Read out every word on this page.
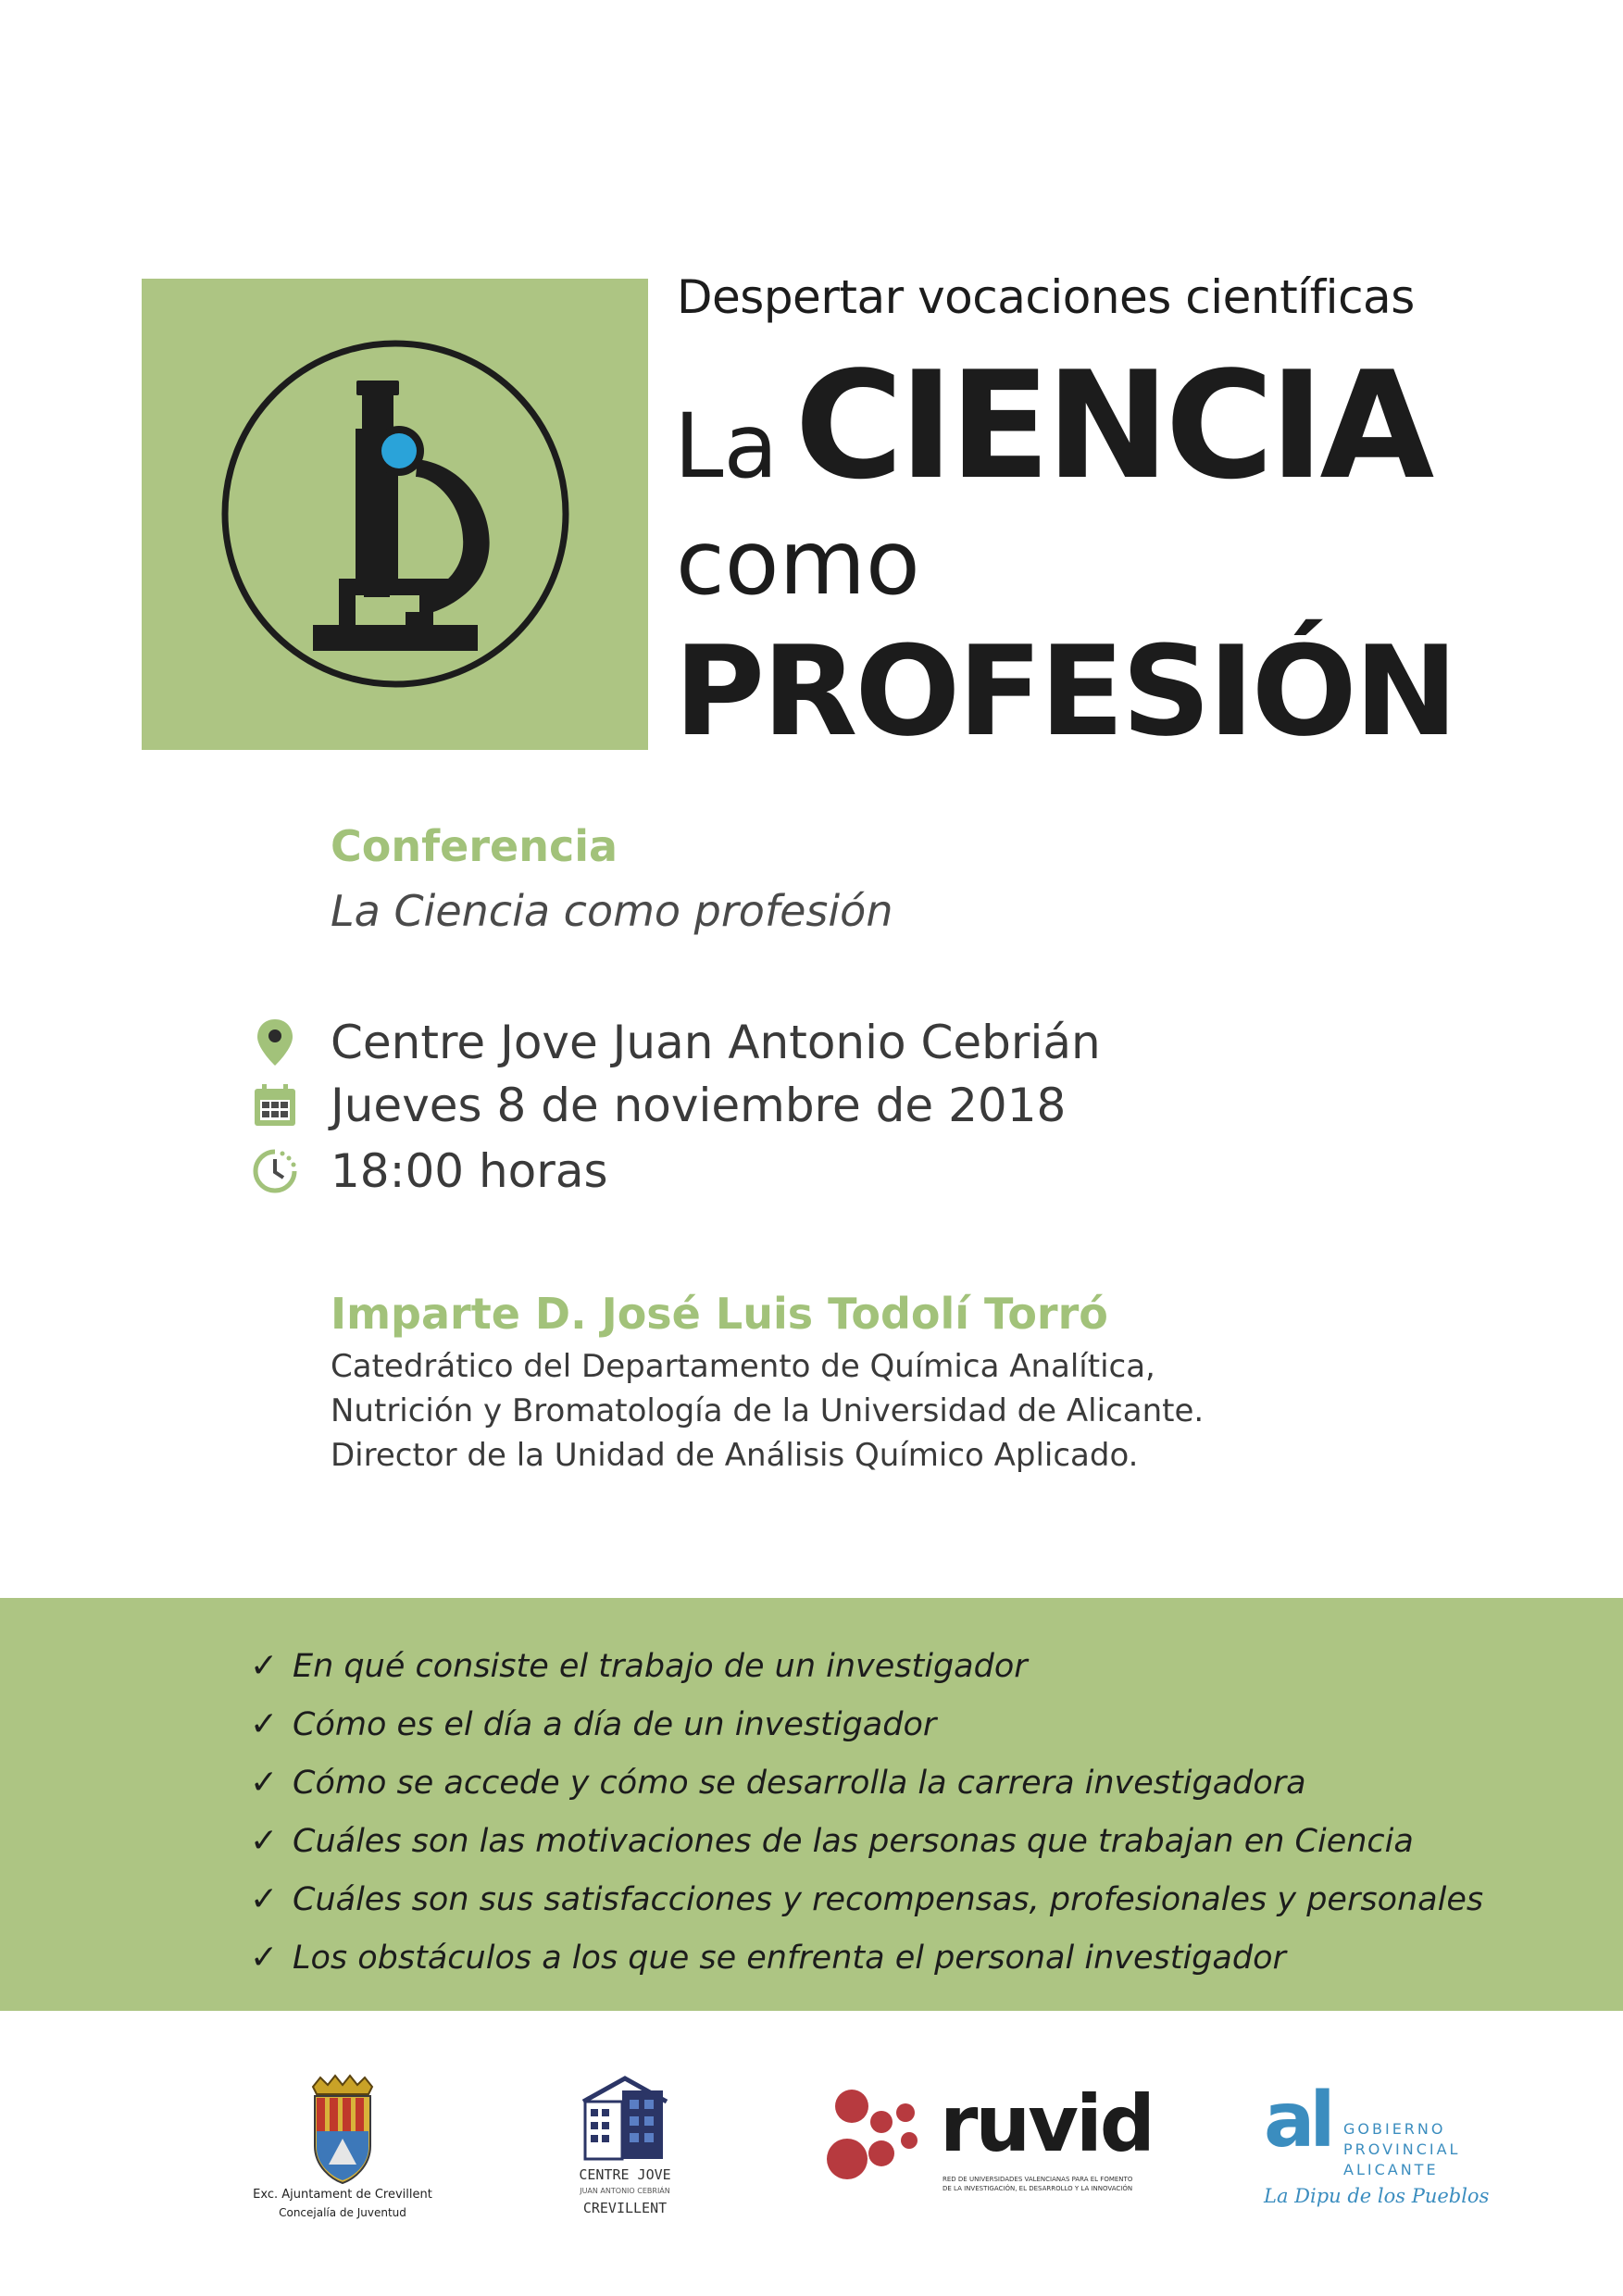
Despertar vocaciones científicas
La CIENCIA
como
PROFESIÓN
Conferencia
La Ciencia como profesión
Centre Jove Juan Antonio Cebrián
Jueves 8 de noviembre de 2018
18:00 horas
Imparte D. José Luis Todolí Torró
Catedrático del Departamento de Química Analítica,
Nutrición y Bromatología de la Universidad de Alicante.
Director de la Unidad de Análisis Químico Aplicado.
✓ En qué consiste el trabajo de un investigador
✓ Cómo es el día a día de un investigador
✓ Cómo se accede y cómo se desarrolla la carrera investigadora
✓ Cuáles son las motivaciones de las personas que trabajan en Ciencia
✓ Cuáles son sus satisfacciones y recompensas, profesionales y personales
✓ Los obstáculos a los que se enfrenta el personal investigador
Exc. Ajuntament de Crevillent
Concejalía de Juventud
CENTRE JOVE
JUAN ANTONIO CEBRIÁN
CREVILLENT
ruvid
RED DE UNIVERSIDADES VALENCIANAS PARA EL FOMENTO
DE LA INVESTIGACIÓN, EL DESARROLLO Y LA INNOVACIÓN
al GOBIERNO
PROVINCIAL
ALICANTE
La Dipu de los Pueblos
